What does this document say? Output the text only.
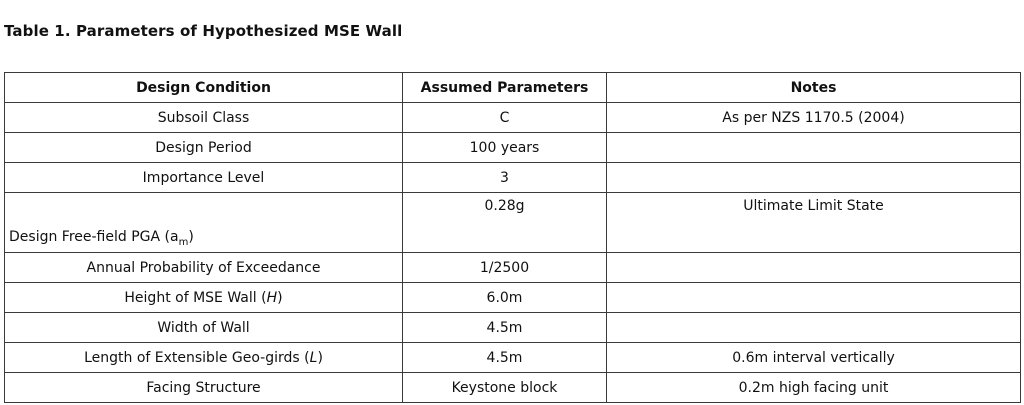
Table 1. Parameters of Hypothesized MSE Wall
Design Condition	Assumed Parameters	Notes
Subsoil Class	C	As per NZS 1170.5 (2004)
Design Period	100 years	
Importance Level	3	
Design Free-field PGA $(a_m)$	0.28g	Ultimate Limit State
Annual Probability of Exceedance	1/2500	
Height of MSE Wall (H)	6.0m	
Width of Wall	4.5m	
Length of Extensible Geo-girds (L)	4.5m	0.6m interval vertically
Facing Structure	Keystone block	0.2m high facing unit
